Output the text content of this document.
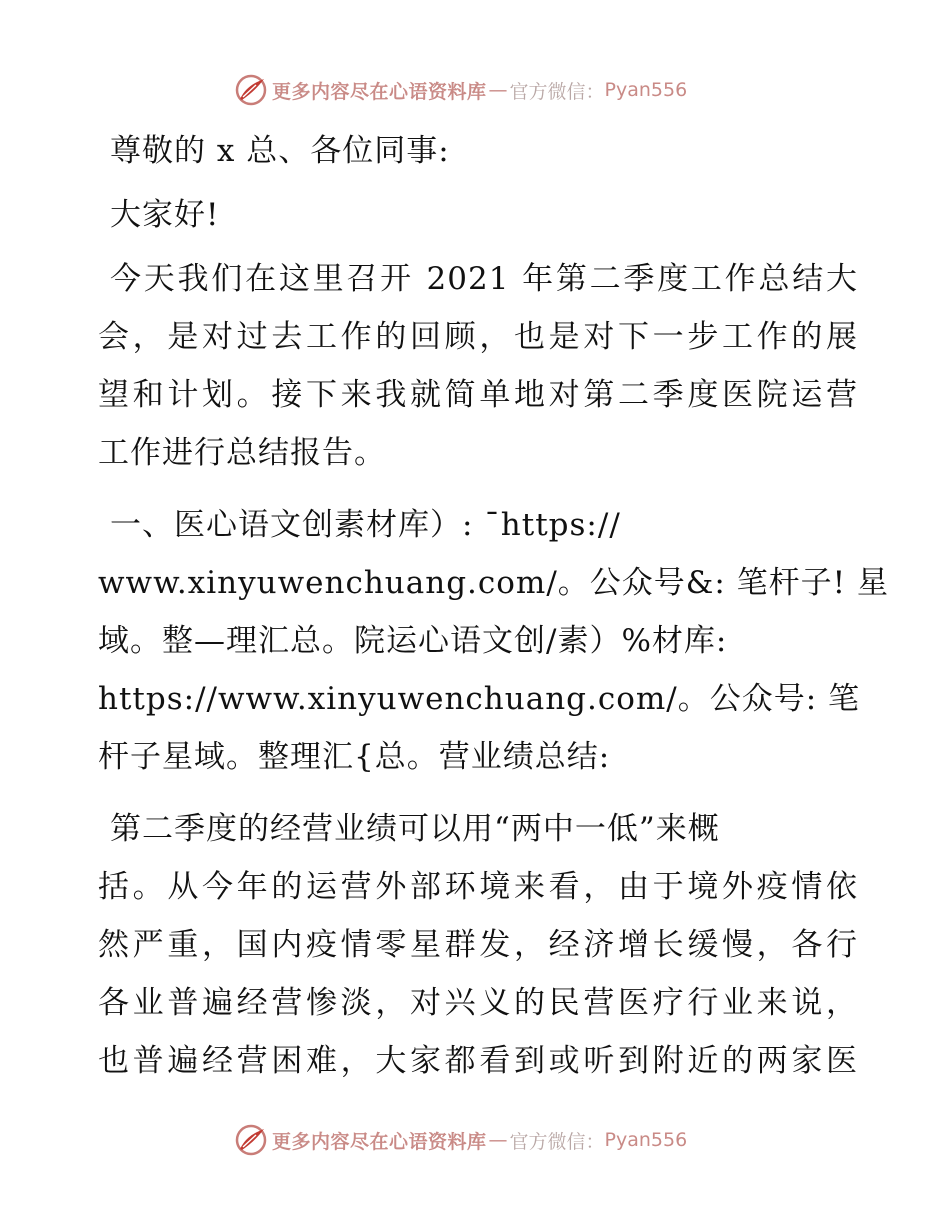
更多内容尽在心语资料库 — 官方微信： Pyan556

尊敬的 x 总、各位同事:

大家好!

今天我们在这里召开 2021 年第二季度工作总结大
会，是对过去工作的回顾，也是对下一步工作的展
望和计划。接下来我就简单地对第二季度医院运营
工作进行总结报告。

一、医心语文创素材库）: ¯https://
www.xinyuwenchuang.com/。公众号&: 笔杆子! 星
域。整—理汇总。院运心语文创/素）%材库:
https://www.xinyuwenchuang.com/。公众号: 笔
杆子星域。整理汇{总。营业绩总结:

第二季度的经营业绩可以用“两中一低”来概
括。从今年的运营外部环境来看，由于境外疫情依
然严重，国内疫情零星群发，经济增长缓慢，各行
各业普遍经营惨淡，对兴义的民营医疗行业来说，
也普遍经营困难，大家都看到或听到附近的两家医

更多内容尽在心语资料库 — 官方微信： Pyan556
